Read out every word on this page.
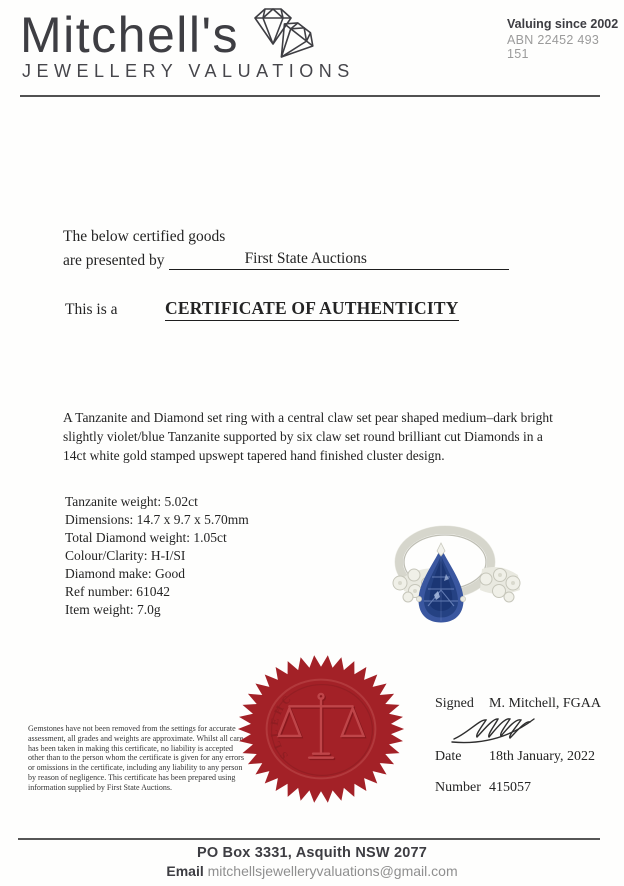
Mitchell's
JEWELLERY VALUATIONS
Valuing since 2002
ABN 22452 493 151
The below certified goods
are presented by	First State Auctions
This is a	CERTIFICATE OF AUTHENTICITY
A Tanzanite and Diamond set ring with a central claw set pear shaped medium–dark bright slightly violet/blue Tanzanite supported by six claw set round brilliant cut Diamonds in a 14ct white gold stamped upswept tapered hand finished cluster design.
Tanzanite weight: 5.02ct
Dimensions: 14.7 x 9.7 x 5.70mm
Total Diamond weight: 1.05ct
Colour/Clarity: H-I/SI
Diamond make: Good
Ref number: 61042
Item weight: 7.0g
Gemstones have not been removed from the settings for accurate assessment, all grades and weights are approximate. Whilst all care has been taken in making this certificate, no liability is accepted other than to the person whom the certificate is given for any errors or omissions in the certificate, including any liability to any person by reason of negligence. This certificate has been prepared using information supplied by First State Auctions.
C
H
E
L
L
S
Signed M. Mitchell, FGAA
Date 18th January, 2022
Number 415057
PO Box 3331, Asquith NSW 2077
Email mitchellsjewelleryvaluations@gmail.com
